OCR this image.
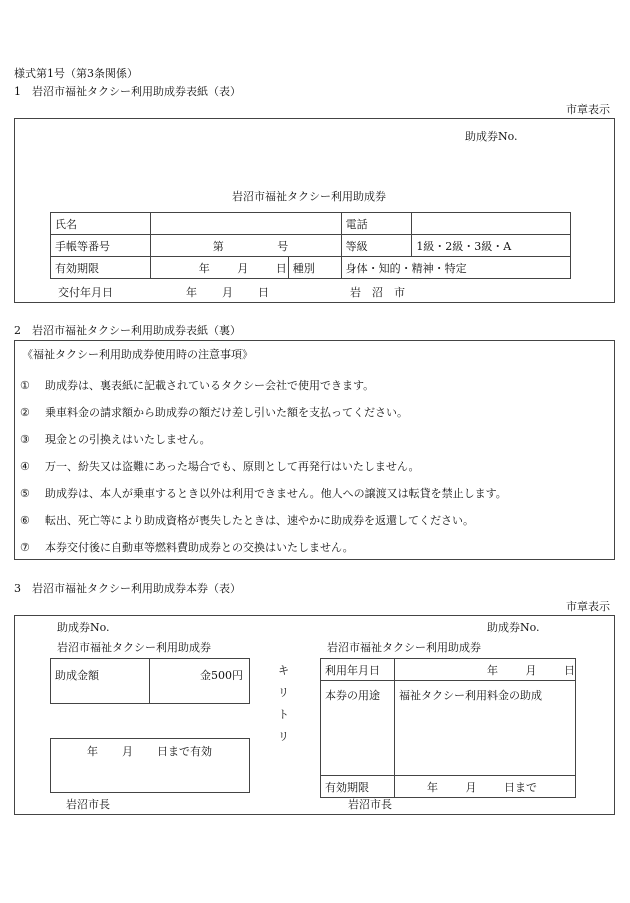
様式第1号（第3条関係）
1　岩沼市福祉タクシー利用助成券表紙（表）
市章表示
助成券No.
岩沼市福祉タクシー利用助成券
氏名			電話	
手帳等番号	第 号		等級	1級・2級・3級・A
有効期限	年 月 日	種別	身体・知的・精神・特定	
交付年月日	年 月 日	岩　沼　市
2　岩沼市福祉タクシー利用助成券表紙（裏）
《福祉タクシー利用助成券使用時の注意事項》
① 助成券は、裏表紙に記載されているタクシー会社で使用できます。
② 乗車料金の請求額から助成券の額だけ差し引いた額を支払ってください。
③ 現金との引換えはいたしません。
④ 万一、紛失又は盗難にあった場合でも、原則として再発行はいたしません。
⑤ 助成券は、本人が乗車するとき以外は利用できません。他人への譲渡又は転貸を禁止します。
⑥ 転出、死亡等により助成資格が喪失したときは、速やかに助成券を返還してください。
⑦ 本券交付後に自動車等燃料費助成券との交換はいたしません。
3　岩沼市福祉タクシー利用助成券本券（表）
市章表示
助成券No.
岩沼市福祉タクシー利用助成券
助成金額	金500円
年 月 日まで有効
岩沼市長
キ
リ
ト
リ
助成券No.
岩沼市福祉タクシー利用助成券
利用年月日	年 月 日
本券の用途	福祉タクシー利用料金の助成
有効期限	年 月 日まで
岩沼市長
